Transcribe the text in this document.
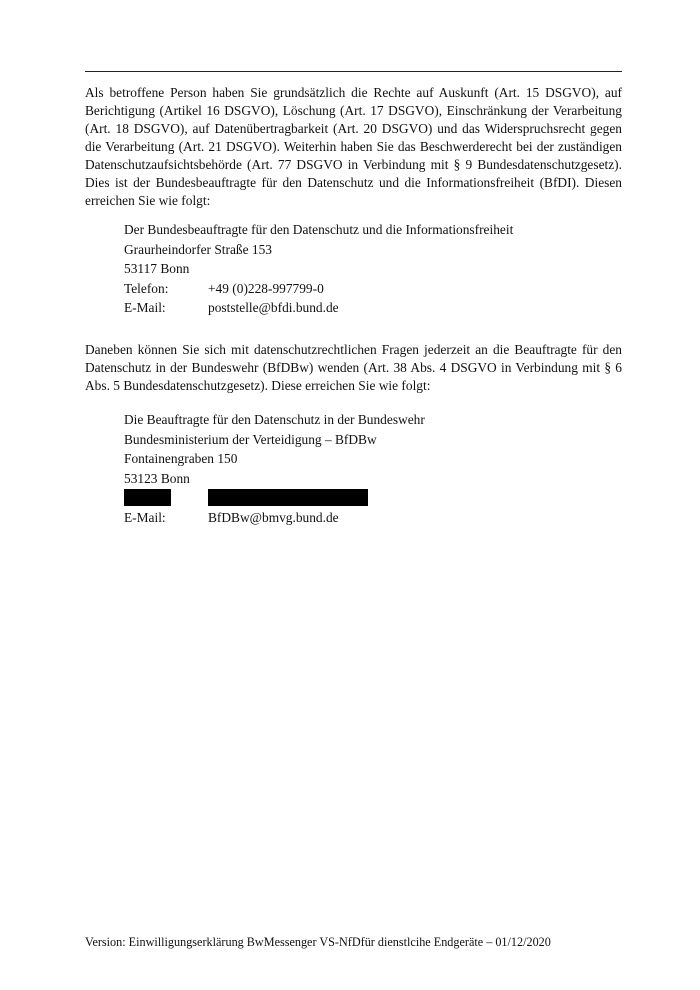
Als betroffene Person haben Sie grundsätzlich die Rechte auf Auskunft (Art. 15 DSGVO), auf Berichtigung (Artikel 16 DSGVO), Löschung (Art. 17 DSGVO), Einschränkung der Verarbeitung (Art. 18 DSGVO), auf Datenübertragbarkeit (Art. 20 DSGVO) und das Widerspruchsrecht gegen die Verarbeitung (Art. 21 DSGVO). Weiterhin haben Sie das Beschwerderecht bei der zuständigen Datenschutzaufsichtsbehörde (Art. 77 DSGVO in Verbindung mit § 9 Bundesdatenschutzgesetz). Dies ist der Bundesbeauftragte für den Datenschutz und die Informationsfreiheit (BfDI). Diesen erreichen Sie wie folgt:

Der Bundesbeauftragte für den Datenschutz und die Informationsfreiheit
Graurheindorfer Straße 153
53117 Bonn
Telefon:	+49 (0)228-997799-0
E-Mail:	poststelle@bfdi.bund.de

Daneben können Sie sich mit datenschutzrechtlichen Fragen jederzeit an die Beauftragte für den Datenschutz in der Bundeswehr (BfDBw) wenden (Art. 38 Abs. 4 DSGVO in Verbindung mit § 6 Abs. 5 Bundesdatenschutzgesetz). Diese erreichen Sie wie folgt:

Die Beauftragte für den Datenschutz in der Bundeswehr
Bundesministerium der Verteidigung – BfDBw
Fontainengraben 150
53123 Bonn
E-Mail:	BfDBw@bmvg.bund.de
Version: Einwilligungserklärung BwMessenger VS-NfDfür dienstlcihe Endgeräte – 01/12/2020
